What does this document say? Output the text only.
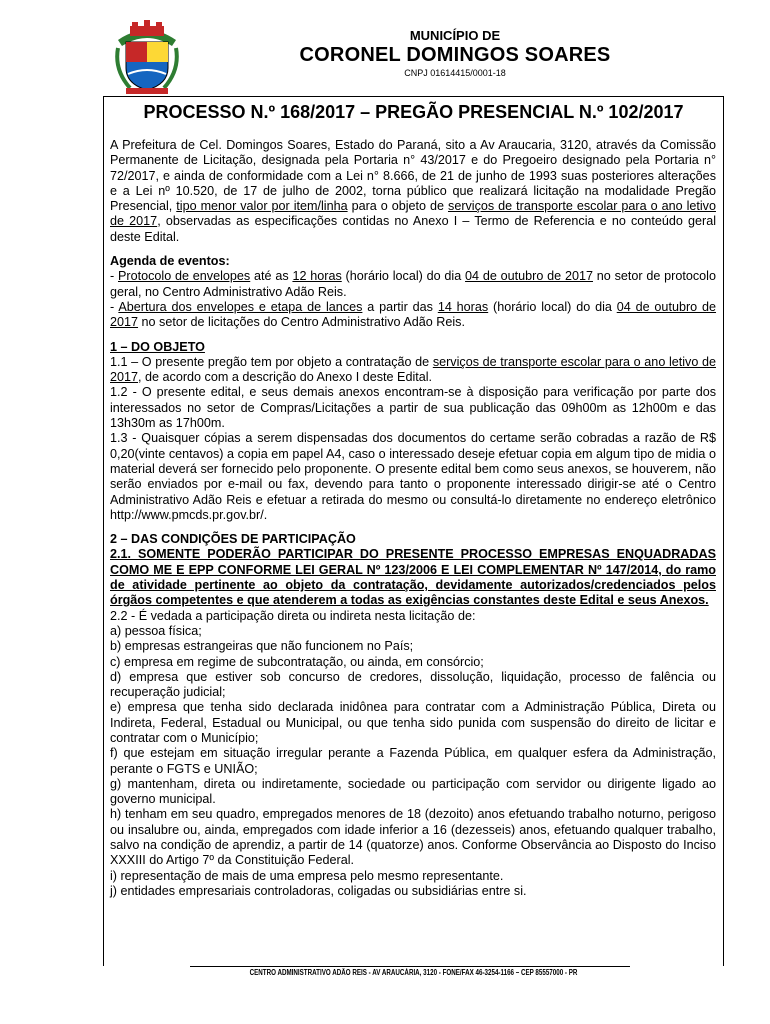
MUNICÍPIO DE
CORONEL DOMINGOS SOARES
CNPJ 01614415/0001-18
PROCESSO N.º 168/2017 – PREGÃO PRESENCIAL N.º 102/2017

A Prefeitura de Cel. Domingos Soares, Estado do Paraná, sito a Av Araucaria, 3120, através da Comissão Permanente de Licitação, designada pela Portaria n° 43/2017 e do Pregoeiro designado pela Portaria n° 72/2017, e ainda de conformidade com a Lei n° 8.666, de 21 de junho de 1993 suas posteriores alterações e a Lei nº 10.520, de 17 de julho de 2002, torna público que realizará licitação na modalidade Pregão Presencial, tipo menor valor por item/linha para o objeto de serviços de transporte escolar para o ano letivo de 2017, observadas as especificações contidas no Anexo I – Termo de Referencia e no conteúdo geral deste Edital.

Agenda de eventos:

- Protocolo de envelopes até as 12 horas (horário local) do dia 04 de outubro de 2017 no setor de protocolo geral, no Centro Administrativo Adão Reis.

- Abertura dos envelopes e etapa de lances a partir das 14 horas (horário local) do dia 04 de outubro de 2017 no setor de licitações do Centro Administrativo Adão Reis.

1 – DO OBJETO

1.1 – O presente pregão tem por objeto a contratação de serviços de transporte escolar para o ano letivo de 2017, de acordo com a descrição do Anexo I deste Edital.

1.2 - O presente edital, e seus demais anexos encontram-se à disposição para verificação por parte dos interessados no setor de Compras/Licitações a partir de sua publicação das 09h00m as 12h00m e das 13h30m as 17h00m.

1.3 - Quaisquer cópias a serem dispensadas dos documentos do certame serão cobradas a razão de R$ 0,20(vinte centavos) a copia em papel A4, caso o interessado deseje efetuar copia em algum tipo de midia o material deverá ser fornecido pelo proponente. O presente edital bem como seus anexos, se houverem, não serão enviados por e-mail ou fax, devendo para tanto o proponente interessado dirigir-se até o Centro Administrativo Adão Reis e efetuar a retirada do mesmo ou consultá-lo diretamente no endereço eletrônico http://www.pmcds.pr.gov.br/.

2 – DAS CONDIÇÕES DE PARTICIPAÇÃO

2.1. SOMENTE PODERÃO PARTICIPAR DO PRESENTE PROCESSO EMPRESAS ENQUADRADAS COMO ME E EPP CONFORME LEI GERAL Nº 123/2006 E LEI COMPLEMENTAR Nº 147/2014, do ramo de atividade pertinente ao objeto da contratação, devidamente autorizados/credenciados pelos órgãos competentes e que atenderem a todas as exigências constantes deste Edital e seus Anexos.

2.2 - É vedada a participação direta ou indireta nesta licitação de:

a) pessoa física;

b) empresas estrangeiras que não funcionem no País;

c) empresa em regime de subcontratação, ou ainda, em consórcio;

d) empresa que estiver sob concurso de credores, dissolução, liquidação, processo de falência ou recuperação judicial;

e) empresa que tenha sido declarada inidônea para contratar com a Administração Pública, Direta ou Indireta, Federal, Estadual ou Municipal, ou que tenha sido punida com suspensão do direito de licitar e contratar com o Município;

f) que estejam em situação irregular perante a Fazenda Pública, em qualquer esfera da Administração, perante o FGTS e UNIÃO;

g) mantenham, direta ou indiretamente, sociedade ou participação com servidor ou dirigente ligado ao governo municipal.

h) tenham em seu quadro, empregados menores de 18 (dezoito) anos efetuando trabalho noturno, perigoso ou insalubre ou, ainda, empregados com idade inferior a 16 (dezesseis) anos, efetuando qualquer trabalho, salvo na condição de aprendiz, a partir de 14 (quatorze) anos. Conforme Observância ao Disposto do Inciso XXXIII do Artigo 7º da Constituição Federal.

i) representação de mais de uma empresa pelo mesmo representante.

j) entidades empresariais controladoras, coligadas ou subsidiárias entre si.

CENTRO ADMINISTRATIVO ADÃO REIS - AV ARAUCÁRIA, 3120 - FONE/FAX 46-3254-1166 – CEP 85557000 - PR
